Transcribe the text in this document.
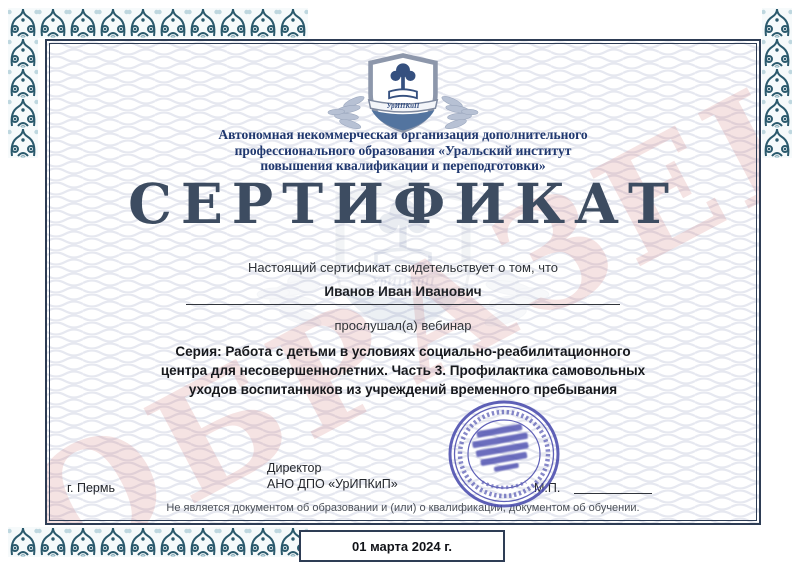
УрИПКиП
Автономная некоммерческая организация дополнительного
профессионального образования «Уральский институт
повышения квалификации и переподготовки»
СЕРТИФИКАТ
Настоящий сертификат свидетельствует о том, что
Иванов Иван Иванович
прослушал(а) вебинар
Серия: Работа с детьми в условиях социально-реабилитационного
центра для несовершеннолетних. Часть 3. Профилактика самовольных
уходов воспитанников из учреждений временного пребывания
Директор
АНО ДПО «УрИПКиП»
г. Пермь	М.П.
Не является документом об образовании и (или) о квалификации, документом об обучении.
01 марта 2024 г.
